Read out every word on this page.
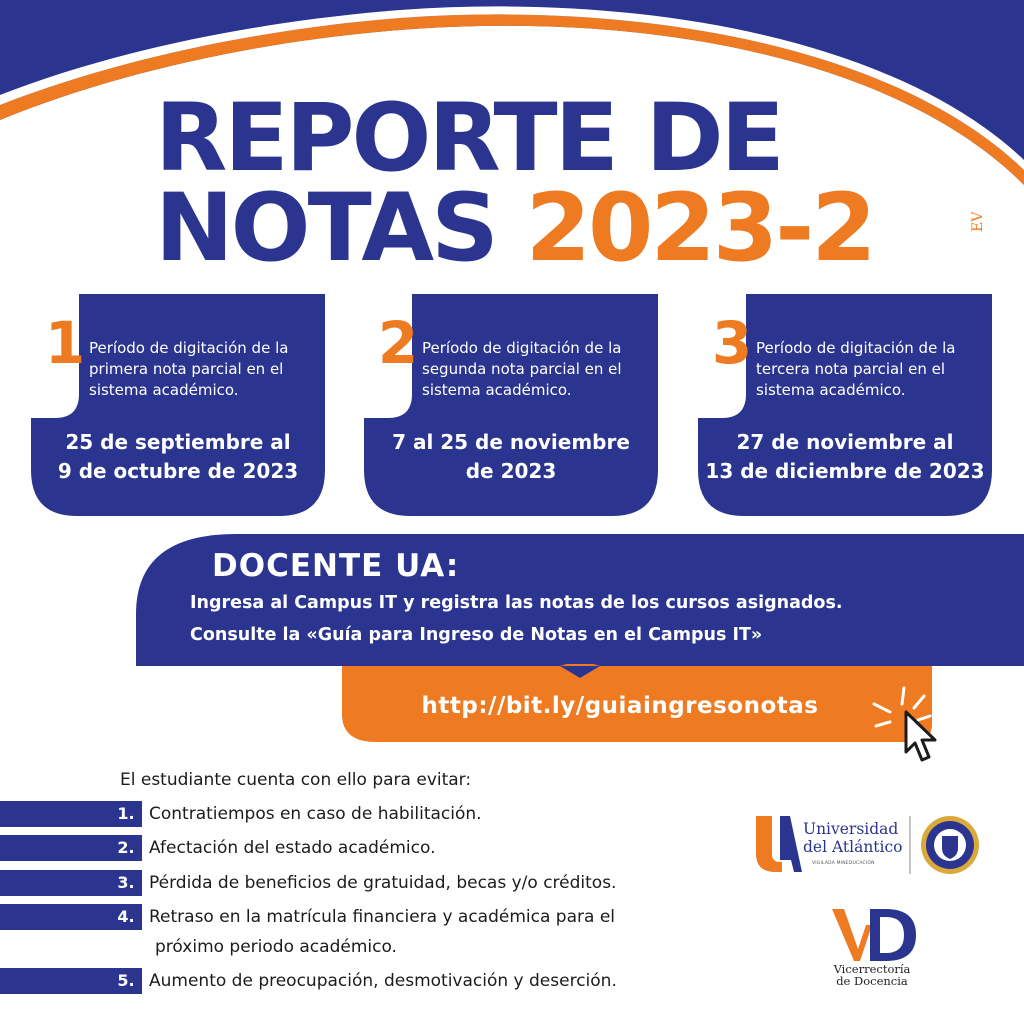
REPORTE DE
NOTAS 2023-2	EV
1 Período de digitación de la primera nota parcial en el sistema académico.
25 de septiembre al
9 de octubre de 2023
2 Período de digitación de la segunda nota parcial en el sistema académico.
7 al 25 de noviembre
de 2023
3 Período de digitación de la tercera nota parcial en el sistema académico.
27 de noviembre al
13 de diciembre de 2023
DOCENTE UA:
Ingresa al Campus IT y registra las notas de los cursos asignados.
Consulte la «Guía para Ingreso de Notas en el Campus IT»
http://bit.ly/guiaingresonotas
El estudiante cuenta con ello para evitar:
1. Contratiempos en caso de habilitación.
2. Afectación del estado académico.
3. Pérdida de beneficios de gratuidad, becas y/o créditos.
4. Retraso en la matrícula financiera y académica para el
próximo periodo académico.
5. Aumento de preocupación, desmotivación y deserción.
Universidad
del Atlántico
VIGILADA MINEDUCACIÓN
Vicerrectoría
de Docencia
